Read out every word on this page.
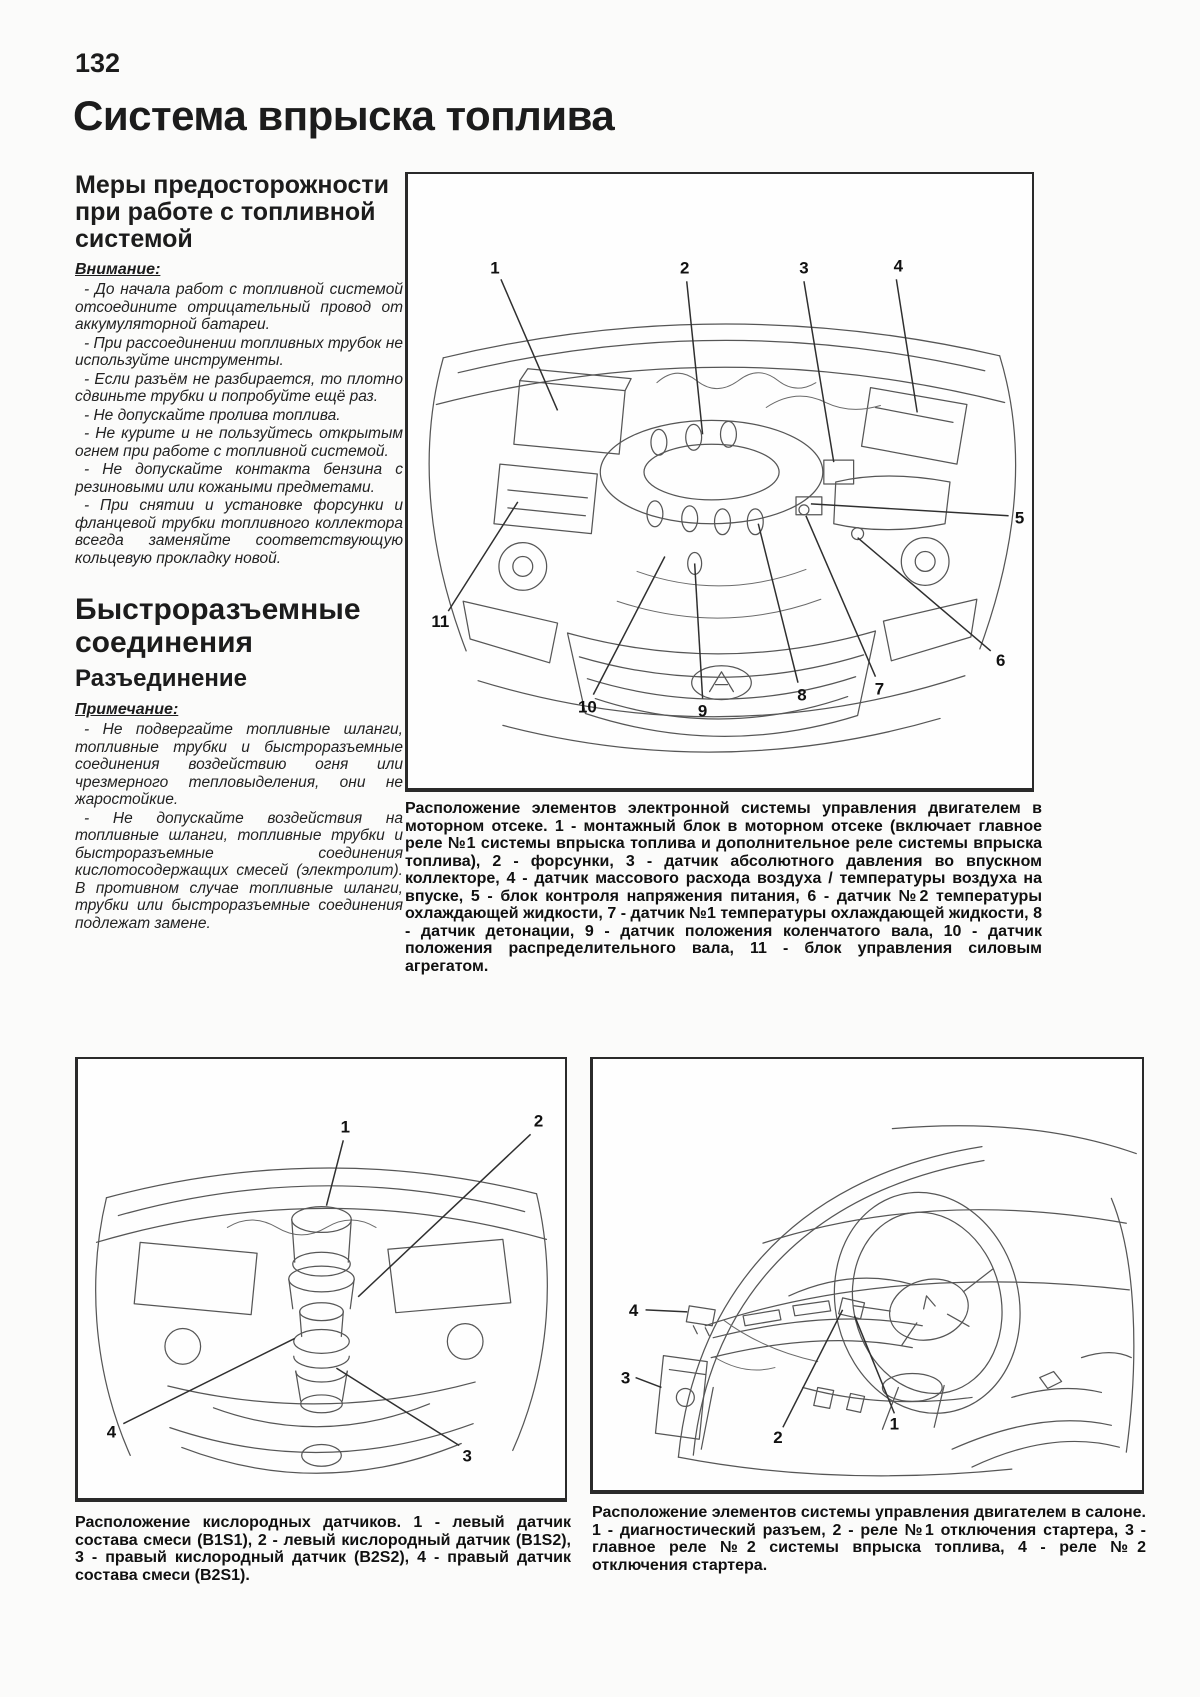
132
Система впрыска топлива
Меры предосторожности при работе с топливной системой

Внимание:

- До начала работ с топливной системой отсоедините отрицательный провод от аккумуляторной батареи.

- При рассоединении топливных трубок не используйте инструменты.

- Если разъём не разбирается, то плотно сдвиньте трубки и попробуйте ещё раз.

- Не допускайте пролива топлива.

- Не курите и не пользуйтесь открытым огнем при работе с топливной системой.

- Не допускайте контакта бензина с резиновыми или кожаными предметами.

- При снятии и установке форсунки и фланцевой трубки топливного коллектора всегда заменяйте соответствующую кольцевую прокладку новой.

Быстроразъемные соединения
Разъединение

Примечание:

- Не подвергайте топливные шланги, топливные трубки и быстроразъемные соединения воздействию огня или чрезмерного тепловыделения, они не жаростойкие.

- Не допускайте воздействия на топливные шланги, топливные трубки и быстроразъемные соединения кислотосодержащих смесей (электролит). В противном случае топливные шланги, трубки или быстроразъемные соединения подлежат замене.

1	2	3	4
5
6
7
8
9
10
11

Расположение элементов электронной системы управления двигателем в моторном отсеке. 1 - монтажный блок в моторном отсеке (включает главное реле №1 системы впрыска топлива и дополнительное реле системы впрыска топлива), 2 - форсунки, 3 - датчик абсолютного давления во впускном коллекторе, 4 - датчик массового расхода воздуха / температуры воздуха на впуске, 5 - блок контроля напряжения питания, 6 - датчик №2 температуры охлаждающей жидкости, 7 - датчик №1 температуры охлаждающей жидкости, 8 - датчик детонации, 9 - датчик положения коленчатого вала, 10 - датчик положения распределительного вала, 11 - блок управления силовым агрегатом.

1	2
3
4

Расположение кислородных датчиков. 1 - левый датчик состава смеси (B1S1), 2 - левый кислородный датчик (B1S2), 3 - правый кислородный датчик (B2S2), 4 - правый датчик состава смеси (B2S1).

1
2
3
4

Расположение элементов системы управления двигателем в салоне. 1 - диагностический разъем, 2 - реле №1 отключения стартера, 3 - главное реле №2 системы впрыска топлива, 4 - реле №2 отключения стартера.
